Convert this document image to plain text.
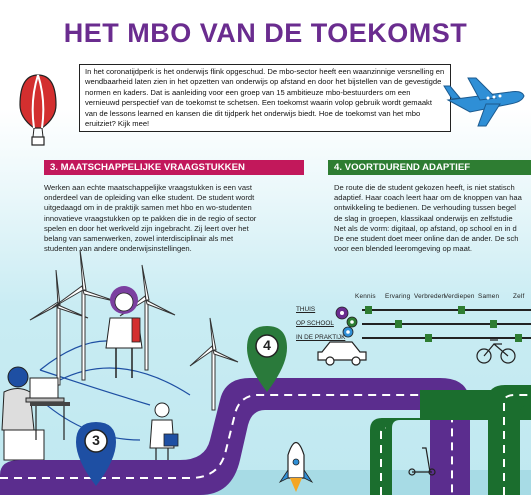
HET MBO VAN DE TOEKOMST
In het coronatijdperk is het onderwijs flink opgeschud. De mbo-sector heeft een waanzinnige versnelling en wendbaarheid laten zien in het opzetten van onderwijs op afstand en door het bijstellen van de gevestigde normen en kaders. Dat is aanleiding voor een groep van 15 ambitieuze mbo-bestuurders om een vernieuwd perspectief van de toekomst te schetsen. Een toekomst waarin volop gebruik wordt gemaakt van de lessons learned en kansen die dit tijdperk het onderwijs biedt. Hoe de toekomst van het mbo eruitziet? Kijk mee!
3. MAATSCHAPPELIJKE VRAAGSTUKKEN	4. VOORTDUREND ADAPTIEF
Werken aan echte maatschappelijke vraagstukken is een vast
onderdeel van de opleiding van elke student. De student wordt
uitgedaagd om in de praktijk samen met hbo en wo-studenten
innovatieve vraagstukken op te pakken die in de regio of sector
spelen en door het werkveld zijn ingebracht. Zij leert over het
belang van samenwerken, zowel interdisciplinair als met
studenten van andere onderwijsinstellingen.
De route die de student gekozen heeft, is niet statisch
adaptief. Haar coach leert haar om de knoppen van haa
ontwikkeling te bedienen. De verhouding tussen begel
de slag in groepen, klassikaal onderwijs en zelfstudie
Net als de vorm: digitaal, op afstand, op school en in d
De ene student doet meer online dan de ander. De sch
voor een blended leeromgeving op maat.
3
4
Kennis Ervaring Verbreden
Verdiepen Samen Zelf
THUIS
OP SCHOOL
IN DE PRAKTIJK
